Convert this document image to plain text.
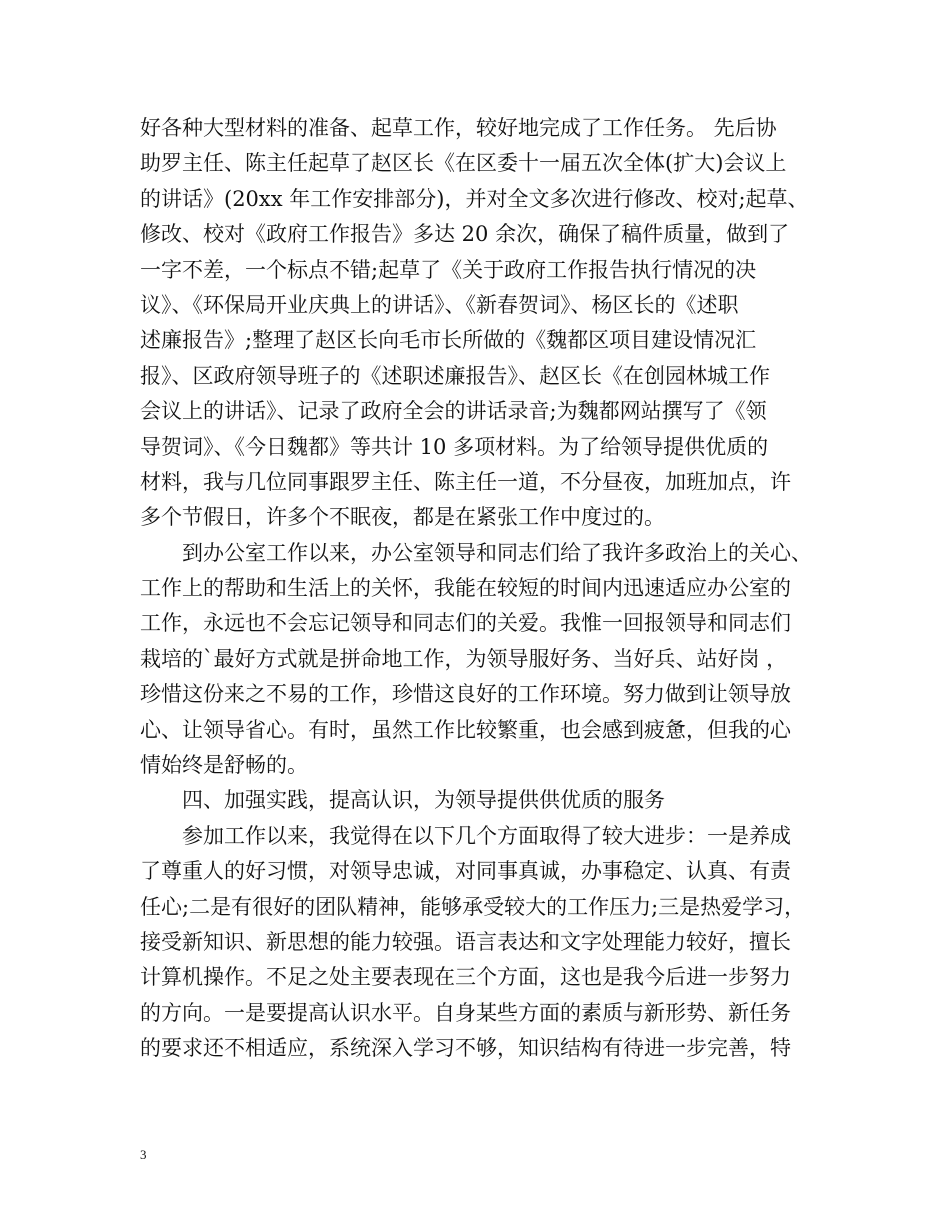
好各种大型材料的准备、起草工作，较好地完成了工作任务。 先后协
助罗主任、陈主任起草了赵区长《在区委十一届五次全体(扩大)会议上
的讲话》(20xx 年工作安排部分)，并对全文多次进行修改、校对;起草、
修改、校对《政府工作报告》多达 20 余次，确保了稿件质量，做到了
一字不差，一个标点不错;起草了《关于政府工作报告执行情况的决
议》、《环保局开业庆典上的讲话》、《新春贺词》、杨区长的《述职
述廉报告》;整理了赵区长向毛市长所做的《魏都区项目建设情况汇
报》、区政府领导班子的《述职述廉报告》、赵区长《在创园林城工作
会议上的讲话》、记录了政府全会的讲话录音;为魏都网站撰写了《领
导贺词》、《今日魏都》等共计 10 多项材料。为了给领导提供优质的
材料，我与几位同事跟罗主任、陈主任一道，不分昼夜，加班加点，许
多个节假日，许多个不眠夜，都是在紧张工作中度过的。
　　到办公室工作以来，办公室领导和同志们给了我许多政治上的关心、
工作上的帮助和生活上的关怀，我能在较短的时间内迅速适应办公室的
工作，永远也不会忘记领导和同志们的关爱。我惟一回报领导和同志们
栽培的`最好方式就是拼命地工作，为领导服好务、当好兵、站好岗 ，
珍惜这份来之不易的工作，珍惜这良好的工作环境。努力做到让领导放
心、让领导省心。有时，虽然工作比较繁重，也会感到疲惫，但我的心
情始终是舒畅的。
　　四、加强实践，提高认识，为领导提供供优质的服务
　　参加工作以来，我觉得在以下几个方面取得了较大进步：一是养成
了尊重人的好习惯，对领导忠诚，对同事真诚，办事稳定、认真、有责
任心;二是有很好的团队精神，能够承受较大的工作压力;三是热爱学习，
接受新知识、新思想的能力较强。语言表达和文字处理能力较好，擅长
计算机操作。不足之处主要表现在三个方面，这也是我今后进一步努力
的方向。一是要提高认识水平。自身某些方面的素质与新形势、新任务
的要求还不相适应，系统深入学习不够，知识结构有待进一步完善，特
3
